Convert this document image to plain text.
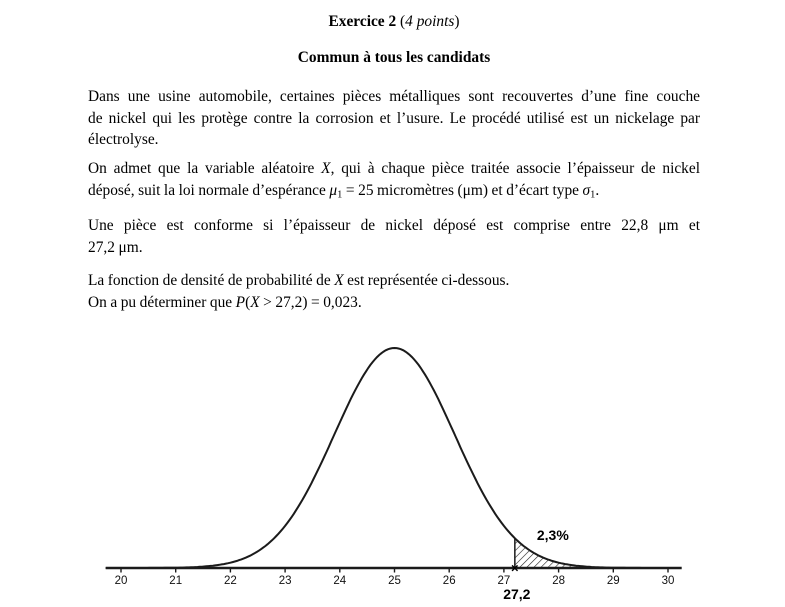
Exercice 2 (4 points)
Commun à tous les candidats
Dans une usine automobile, certaines pièces métalliques sont recouvertes d’une fine couche
de nickel qui les protège contre la corrosion et l’usure. Le procédé utilisé est un nickelage par
électrolyse.
On admet que la variable aléatoire X, qui à chaque pièce traitée associe l’épaisseur de nickel
déposé, suit la loi normale d’espérance μ1 = 25 micromètres (μm) et d’écart type σ1.
Une pièce est conforme si l’épaisseur de nickel déposé est comprise entre 22,8 μm et
27,2 μm.
La fonction de densité de probabilité de X est représentée ci-dessous.
On a pu déterminer que P(X > 27,2) = 0,023.
20	21	22	23	24	25	26	27	28	29	30
×
2,3%
27,2
